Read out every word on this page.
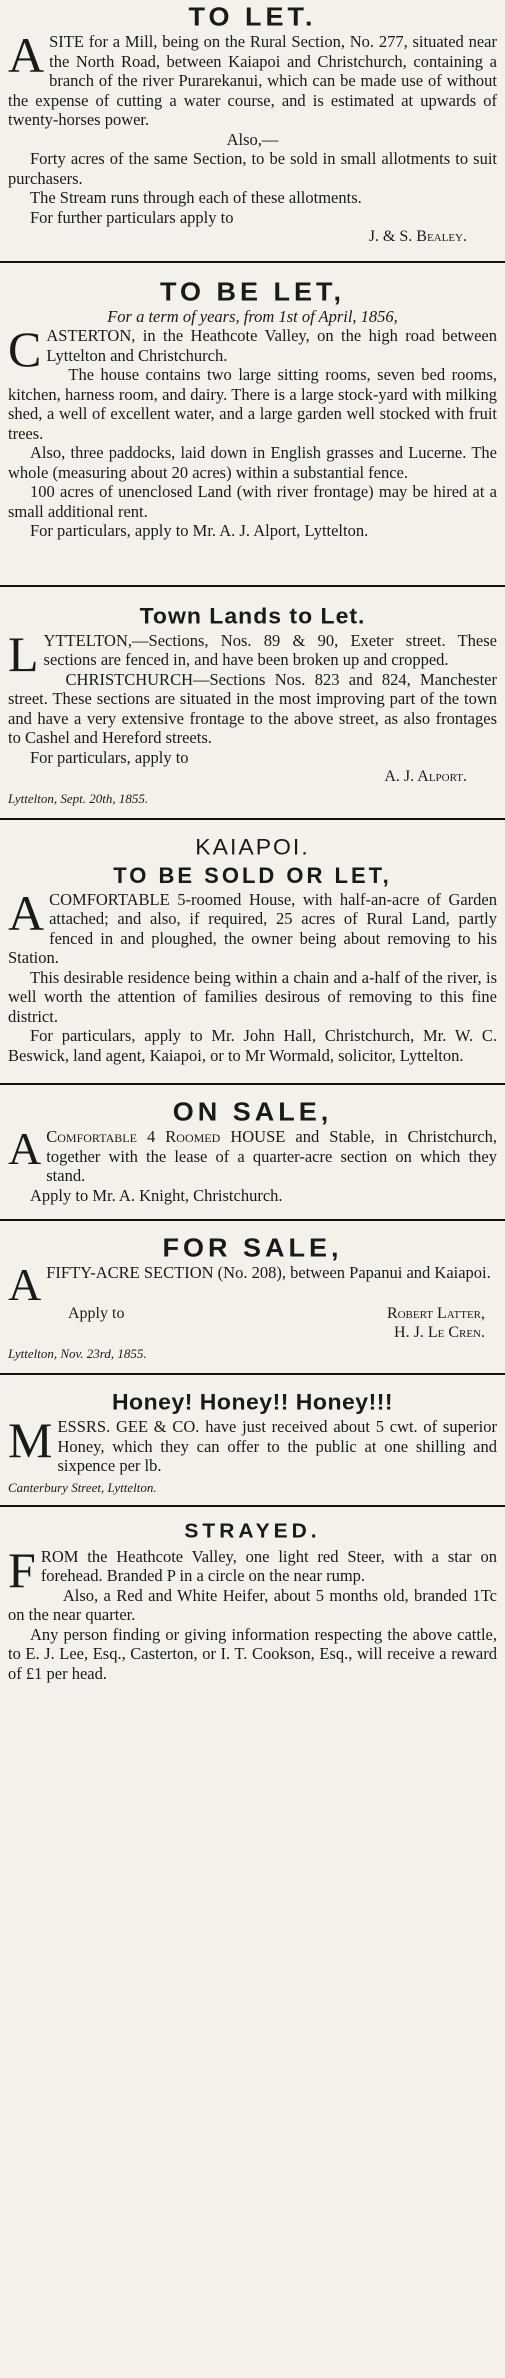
TO LET.

ASITE for a Mill, being on the Rural Section, No. 277, situated near the North Road, between Kaiapoi and Christchurch, containing a branch of the river Purarekanui, which can be made use of without the expense of cutting a water course, and is estimated at upwards of twenty-horses power.

Also,—

Forty acres of the same Section, to be sold in small allotments to suit purchasers.

The Stream runs through each of these allotments.

For further particulars apply to

J. & S. Bealey.
TO BE LET,

For a term of years, from 1st of April, 1856,

CASTERTON, in the Heathcote Valley, on the high road between Lyttelton and Christchurch.

The house contains two large sitting rooms, seven bed rooms, kitchen, harness room, and dairy. There is a large stock-yard with milking shed, a well of excellent water, and a large garden well stocked with fruit trees.

Also, three paddocks, laid down in English grasses and Lucerne. The whole (measuring about 20 acres) within a substantial fence.

100 acres of unenclosed Land (with river frontage) may be hired at a small additional rent.

For particulars, apply to Mr. A. J. Alport, Lyttelton.

Town Lands to Let.

LYTTELTON,—Sections, Nos. 89 & 90, Exeter street. These sections are fenced in, and have been broken up and cropped.

CHRISTCHURCH—Sections Nos. 823 and 824, Manchester street. These sections are situated in the most improving part of the town and have a very extensive frontage to the above street, as also frontages to Cashel and Hereford streets.

For particulars, apply to

A. J. Alport.
Lyttelton, Sept. 20th, 1855.
KAIAPOI.
TO BE SOLD OR LET,

ACOMFORTABLE 5-roomed House, with half-an-acre of Garden attached; and also, if required, 25 acres of Rural Land, partly fenced in and ploughed, the owner being about removing to his Station.

This desirable residence being within a chain and a-half of the river, is well worth the attention of families desirous of removing to this fine district.

For particulars, apply to Mr. John Hall, Christchurch, Mr. W. C. Beswick, land agent, Kaiapoi, or to Mr Wormald, solicitor, Lyttelton.

ON SALE,

A Comfortable 4 Roomed HOUSE and Stable, in Christchurch, together with the lease of a quarter-acre section on which they stand.

Apply to Mr. A. Knight, Christchurch.

FOR SALE,

AFIFTY-ACRE SECTION (No. 208), between Papanui and Kaiapoi.

Apply to	Robert Latter,
H. J. Le Cren.
Lyttelton, Nov. 23rd, 1855.
Honey! Honey!! Honey!!!

MESSRS. GEE & CO. have just received about 5 cwt. of superior Honey, which they can offer to the public at one shilling and sixpence per lb.

Canterbury Street, Lyttelton.
STRAYED.

FROM the Heathcote Valley, one light red Steer, with a star on forehead. Branded P in a circle on the near rump.

Also, a Red and White Heifer, about 5 months old, branded 1Tc on the near quarter.

Any person finding or giving information respecting the above cattle, to E. J. Lee, Esq., Casterton, or I. T. Cookson, Esq., will receive a reward of £1 per head.
